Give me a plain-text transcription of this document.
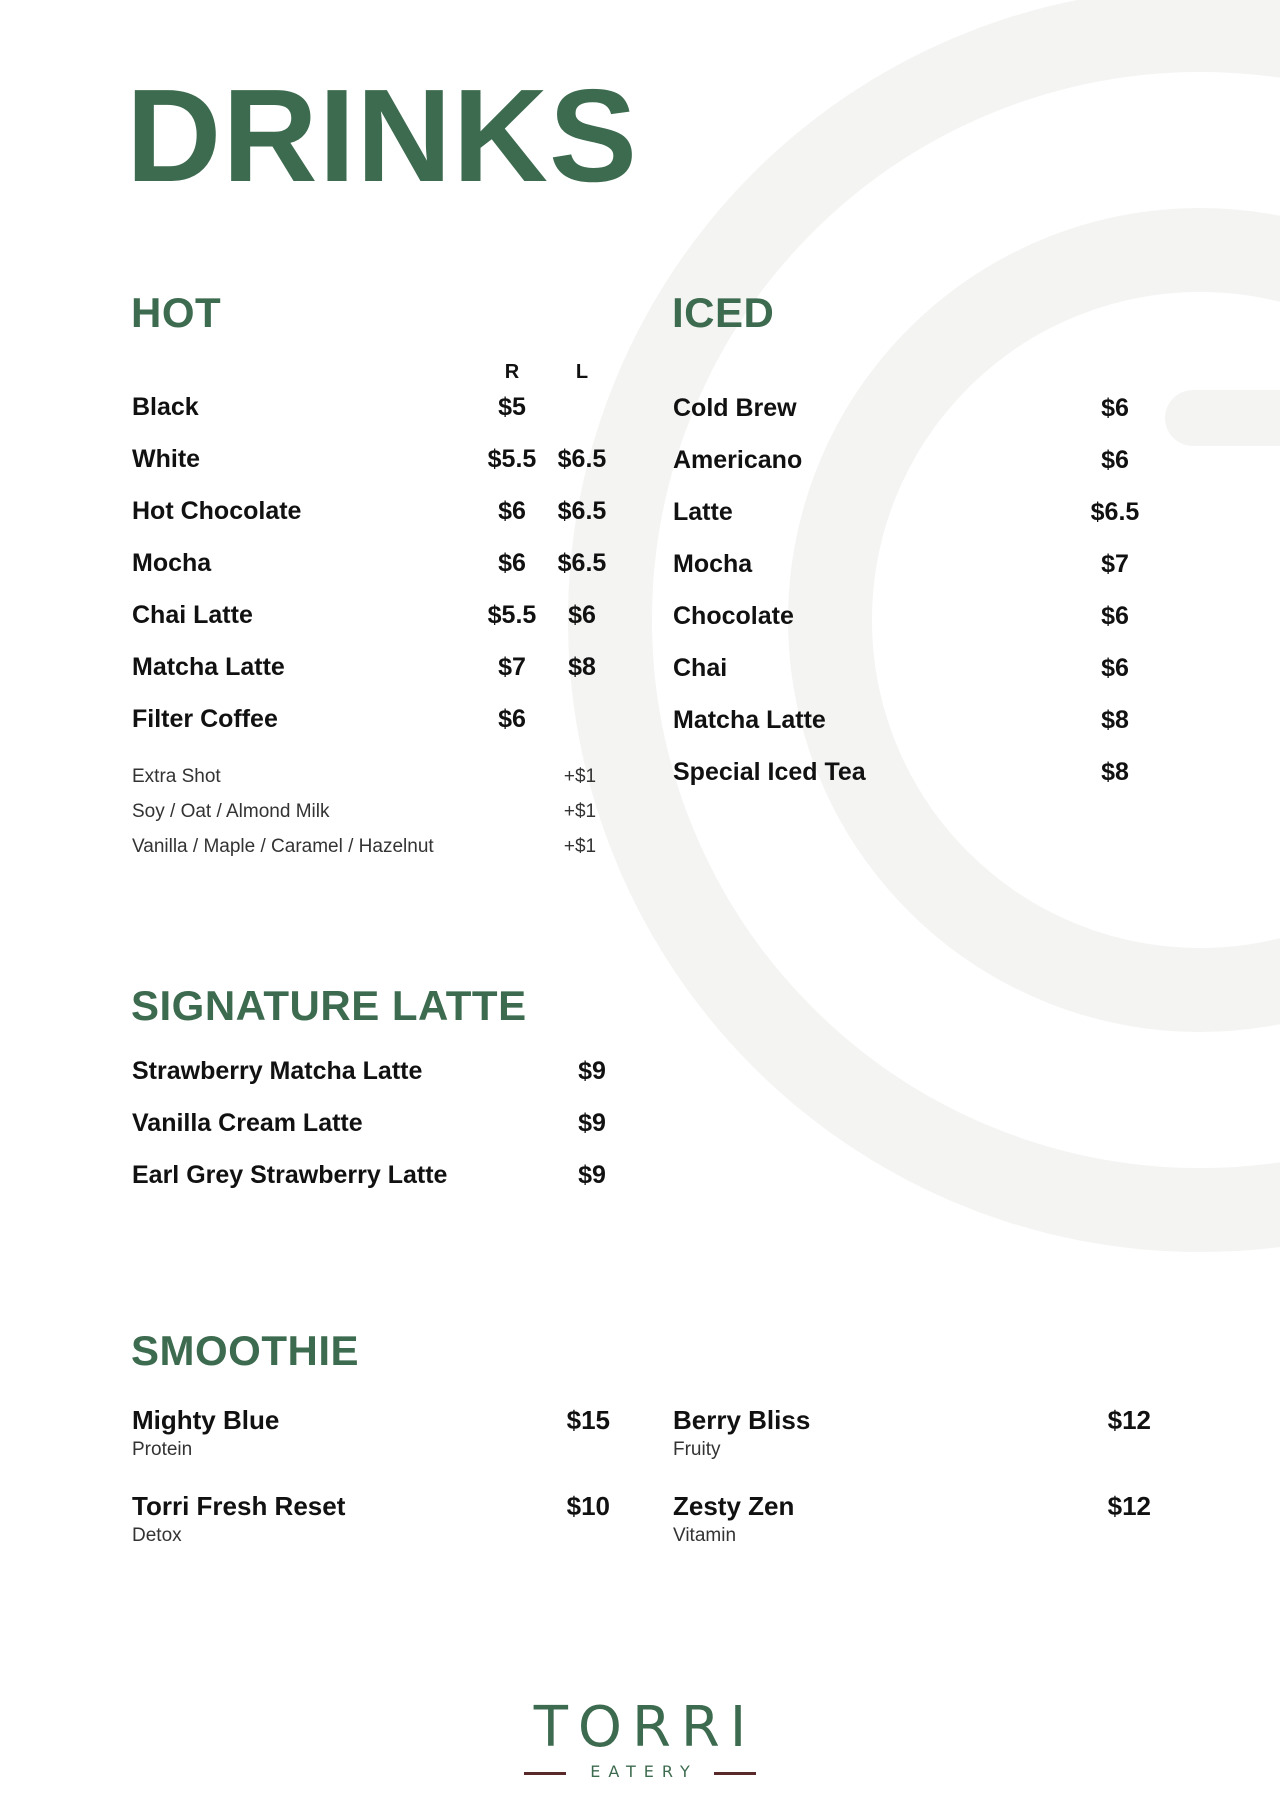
DRINKS
HOT
R	L
Black	$5
White	$5.5 $6.5
Hot Chocolate	$6	$6.5
Mocha	$6	$6.5
Chai Latte	$5.5	$6
Matcha Latte	$7	$8
Filter Coffee	$6
Extra Shot	+$1
Soy / Oat / Almond Milk	+$1
Vanilla / Maple / Caramel / Hazelnut	+$1
ICED
Cold Brew	$6
Americano	$6
Latte	$6.5
Mocha	$7
Chocolate	$6
Chai	$6
Matcha Latte	$8
Special Iced Tea	$8
SIGNATURE LATTE
Strawberry Matcha Latte	$9
Vanilla Cream Latte	$9
Earl Grey Strawberry Latte	$9
SMOOTHIE
Mighty Blue	$15
Protein
Berry Bliss	$12
Fruity
Torri Fresh Reset	$10
Detox
Zesty Zen	$12
Vitamin
TORRI
EATERY
